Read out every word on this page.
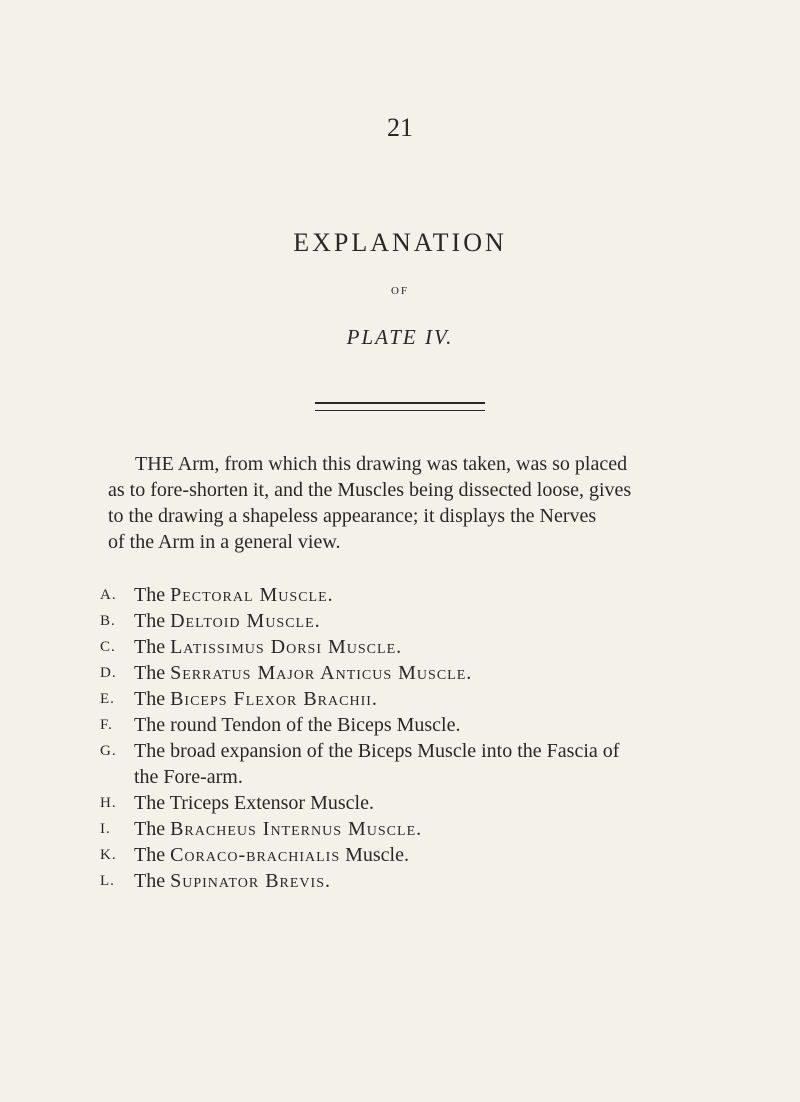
21
EXPLANATION
OF
PLATE IV.
THE Arm, from which this drawing was taken, was so placed
as to fore-shorten it, and the Muscles being dissected loose, gives
to the drawing a shapeless appearance; it displays the Nerves
of the Arm in a general view.
A. The Pectoral Muscle.
B. The Deltoid Muscle.
C. The Latissimus Dorsi Muscle.
D. The Serratus Major Anticus Muscle.
E. The Biceps Flexor Brachii.
F.	The round Tendon of the Biceps Muscle.
G. The broad expansion of the Biceps Muscle into the Fascia of
the Fore-arm.
H. The Triceps Extensor Muscle.
I.	The Bracheus Internus Muscle.
K. The Coraco-brachialis Muscle.
L. The Supinator Brevis.
